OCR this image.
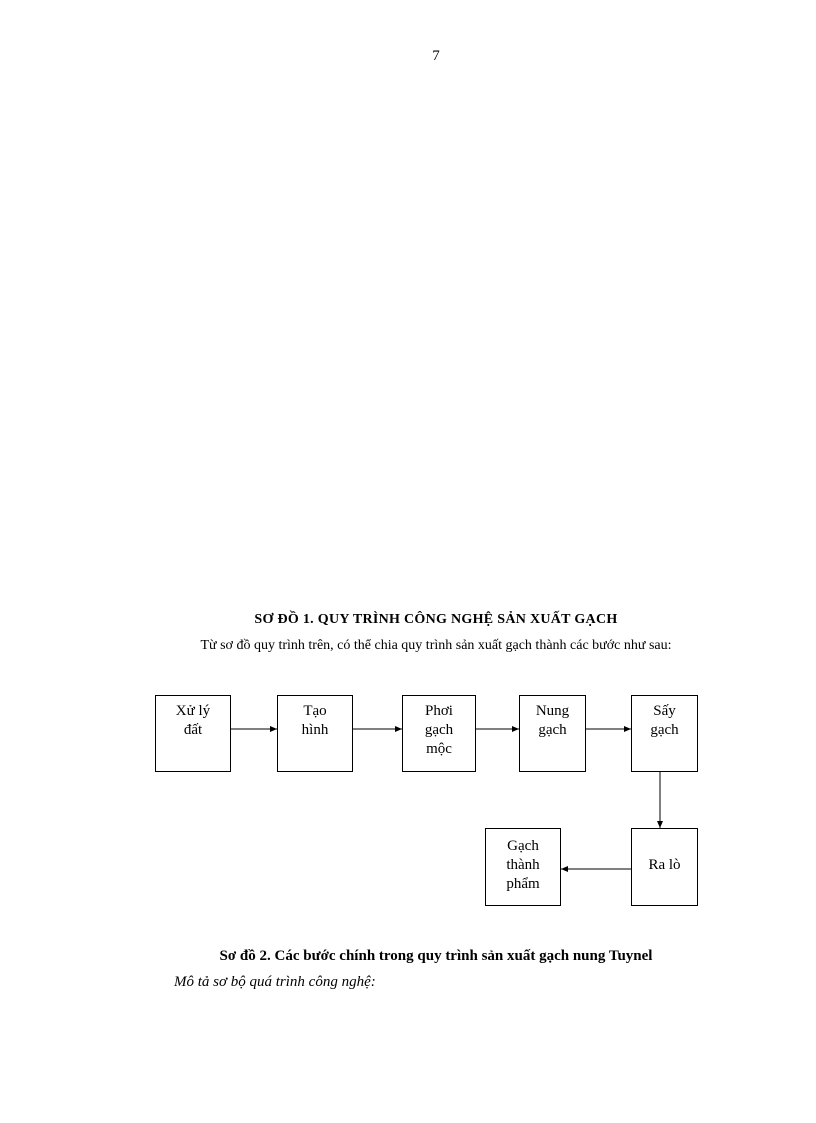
7
SƠ ĐỒ 1. QUY TRÌNH CÔNG NGHỆ SẢN XUẤT GẠCH
Từ sơ đồ quy trình trên, có thể chia quy trình sản xuất gạch thành các bước như sau:
Xử lý
đất
Tạo
hình
Phơi
gạch
mộc
Nung
gạch
Sấy
gạch
Ra lò
Gạch
thành
phẩm
Sơ đồ 2. Các bước chính trong quy trình sản xuất gạch nung Tuynel
Mô tả sơ bộ quá trình công nghệ:
